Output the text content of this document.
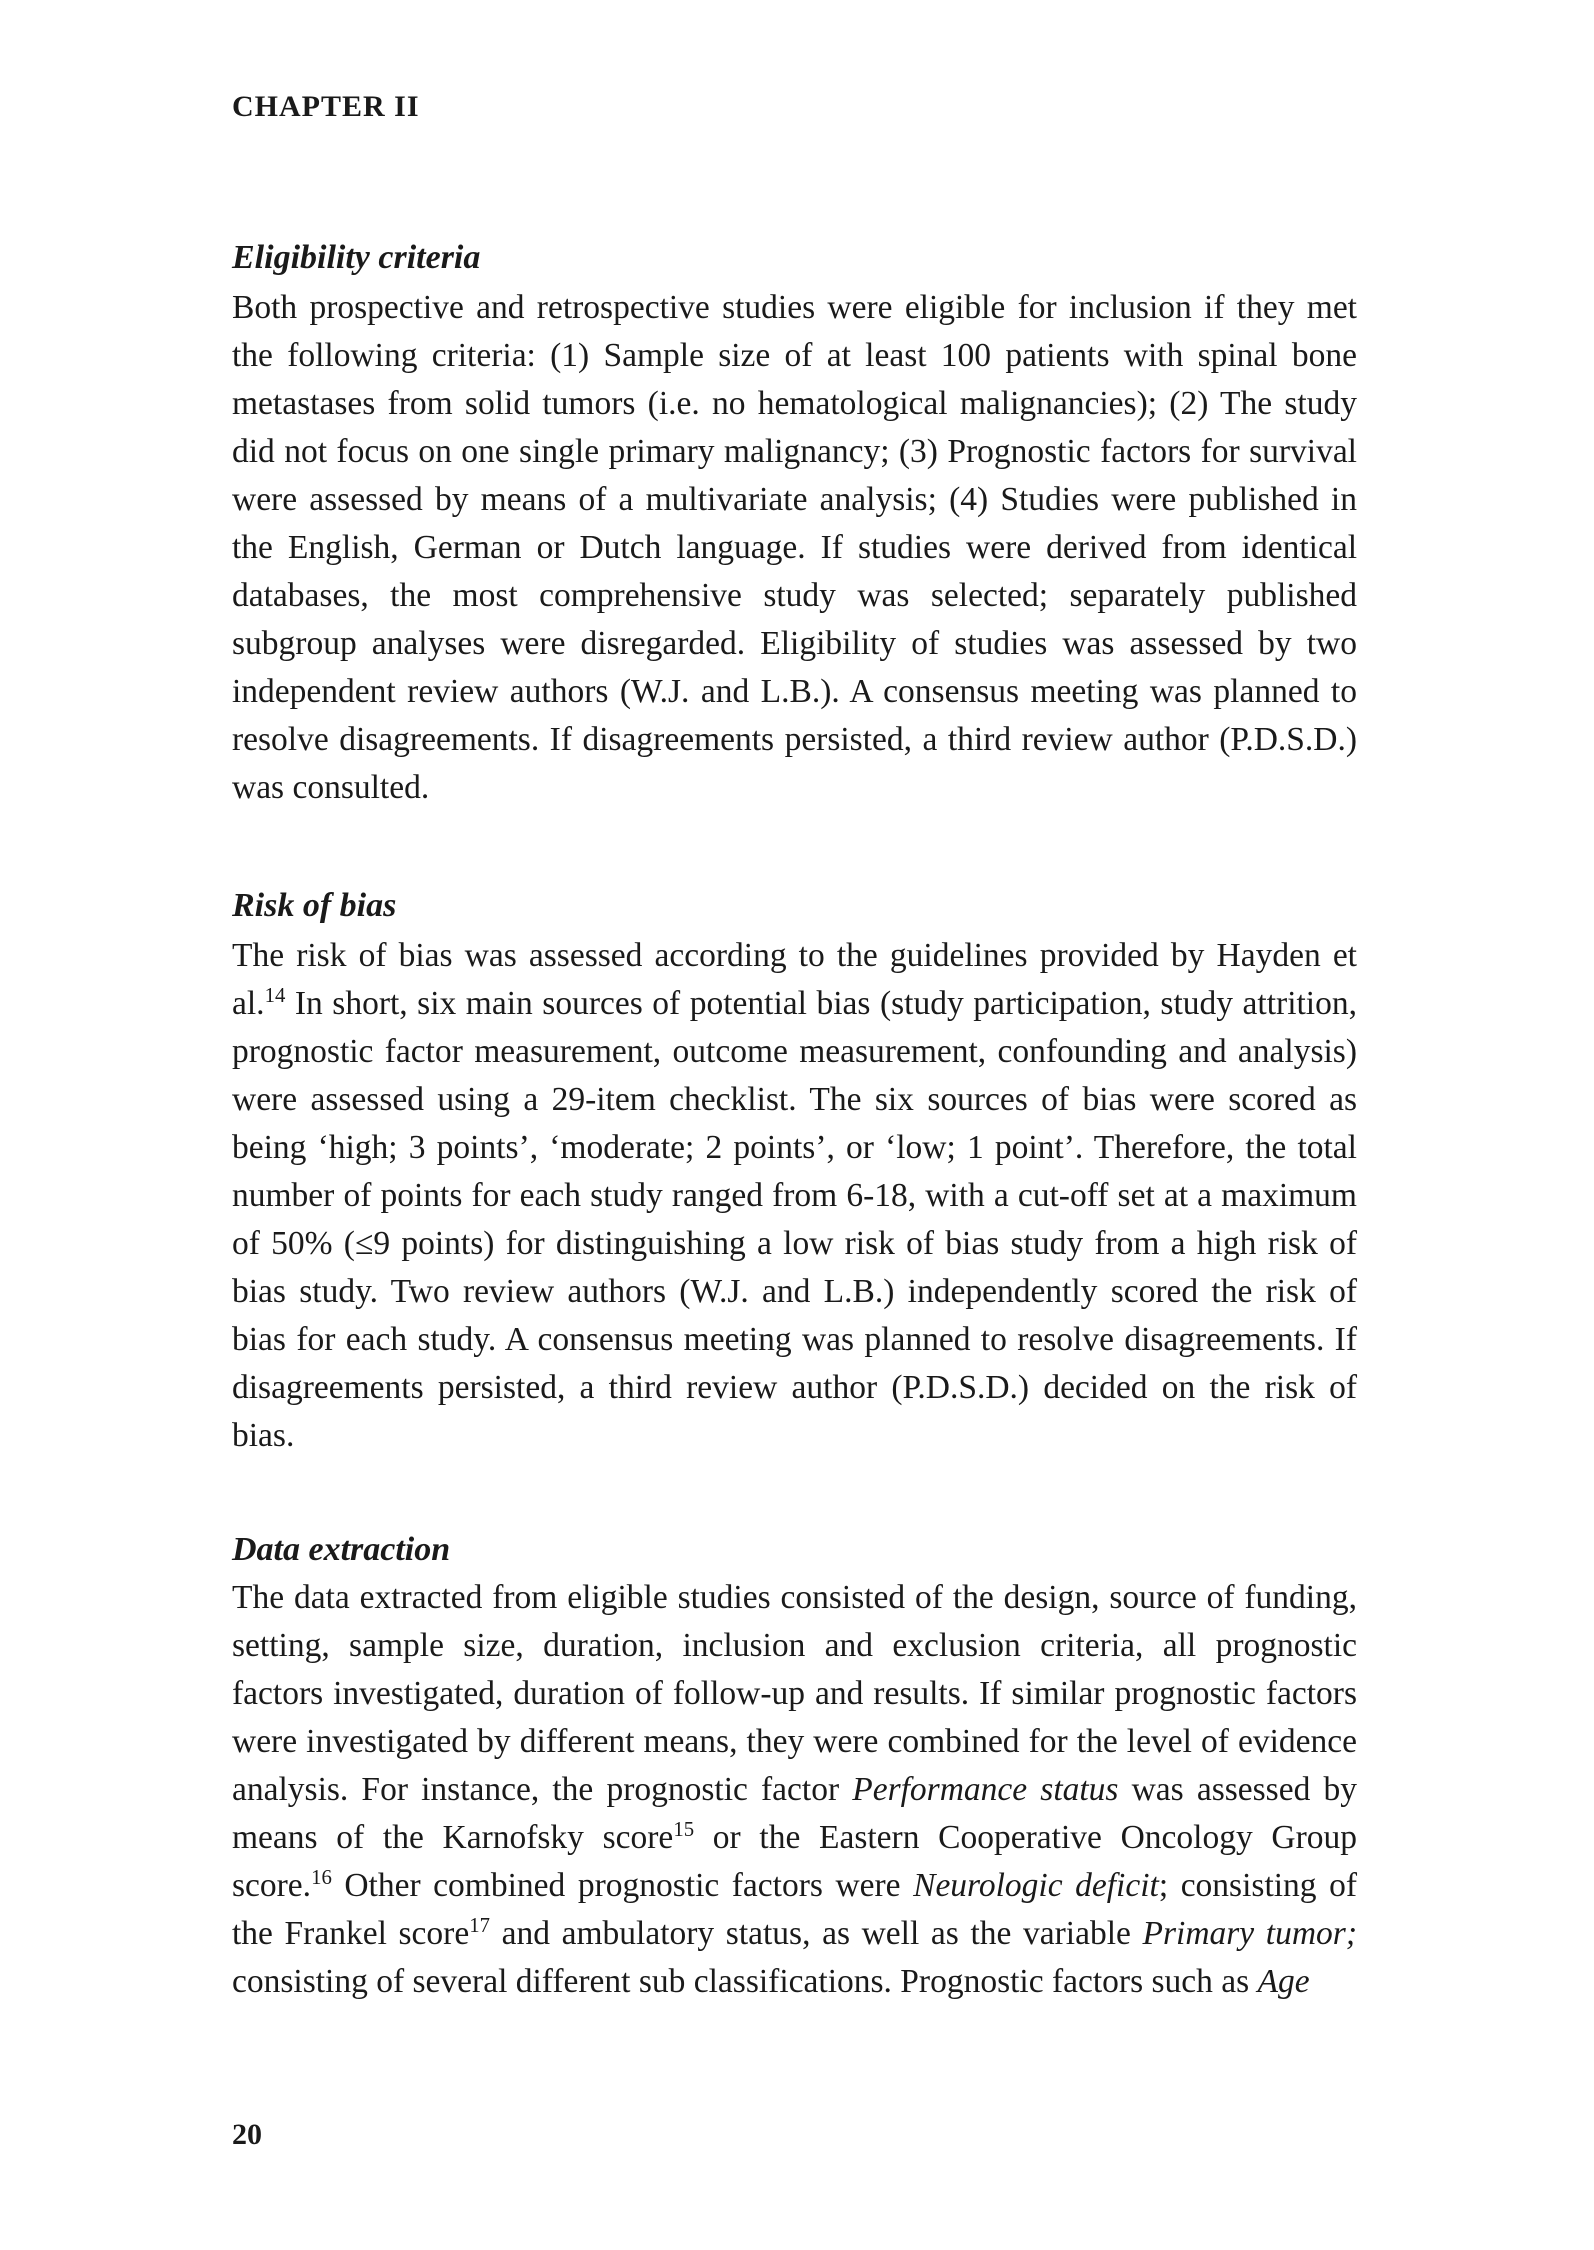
CHAPTER II
Eligibility criteria
Both prospective and retrospective studies were eligible for inclusion if they met the following criteria: (1) Sample size of at least 100 patients with spinal bone metastases from solid tumors (i.e. no hematological malignancies); (2) The study did not focus on one single primary malignancy; (3) Prognostic factors for survival were assessed by means of a multivariate analysis; (4) Studies were published in the English, German or Dutch language. If studies were derived from identical databases, the most comprehensive study was selected; separately published subgroup analyses were disregarded. Eligibility of studies was assessed by two independent review authors (W.J. and L.B.). A consensus meeting was planned to resolve disagreements. If disagreements persisted, a third review author (P.D.S.D.) was consulted.
Risk of bias
The risk of bias was assessed according to the guidelines provided by Hayden et al.$^{14}$ In short, six main sources of potential bias (study participation, study attrition, prognostic factor measurement, outcome measurement, confounding and analysis) were assessed using a 29-item checklist. The six sources of bias were scored as being ‘high; 3 points’, ‘moderate; 2 points’, or ‘low; 1 point’. Therefore, the total number of points for each study ranged from 6-18, with a cut-off set at a maximum of 50% (≤9 points) for distinguishing a low risk of bias study from a high risk of bias study. Two review authors (W.J. and L.B.) independently scored the risk of bias for each study. A consensus meeting was planned to resolve disagreements. If disagreements persisted, a third review author (P.D.S.D.) decided on the risk of bias.
Data extraction
The data extracted from eligible studies consisted of the design, source of funding, setting, sample size, duration, inclusion and exclusion criteria, all prognostic factors investigated, duration of follow-up and results. If similar prognostic factors were investigated by different means, they were combined for the level of evidence analysis. For instance, the prognostic factor Performance status was assessed by means of the Karnofsky score$^{15}$ or the Eastern Cooperative Oncology Group score.$^{16}$ Other combined prognostic factors were Neurologic deficit; consisting of the Frankel score$^{17}$ and ambulatory status, as well as the variable Primary tumor; consisting of several different sub classifications. Prognostic factors such as Age
20
